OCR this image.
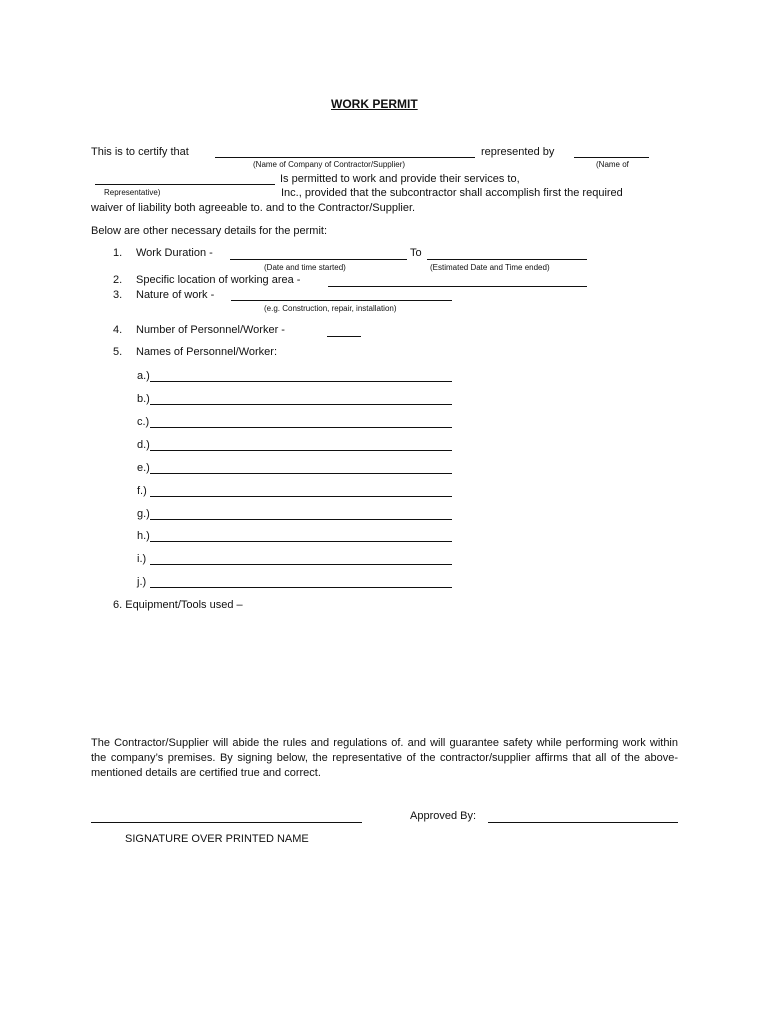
WORK PERMIT
This is to certify that	represented by
(Name of Company of Contractor/Supplier)	(Name of
Is permitted to work and provide their services to,
Representative)	Inc., provided that the subcontractor shall accomplish first the required
waiver of liability both agreeable to. and to the Contractor/Supplier.
Below are other necessary details for the permit:
1. Work Duration -	To
(Date and time started)	(Estimated Date and Time ended)
2. Specific location of working area -
3. Nature of work -
(e.g. Construction, repair, installation)
4. Number of Personnel/Worker -
5. Names of Personnel/Worker:
a.)
b.)
c.)
d.)
e.)
f.)
g.)
h.)
i.)
j.)
6. Equipment/Tools used –
The Contractor/Supplier will abide the rules and regulations of. and will guarantee safety while performing work within the company’s premises. By signing below, the representative of the contractor/supplier affirms that all of the above-mentioned details are certified true and correct.
Approved By:
SIGNATURE OVER PRINTED NAME
